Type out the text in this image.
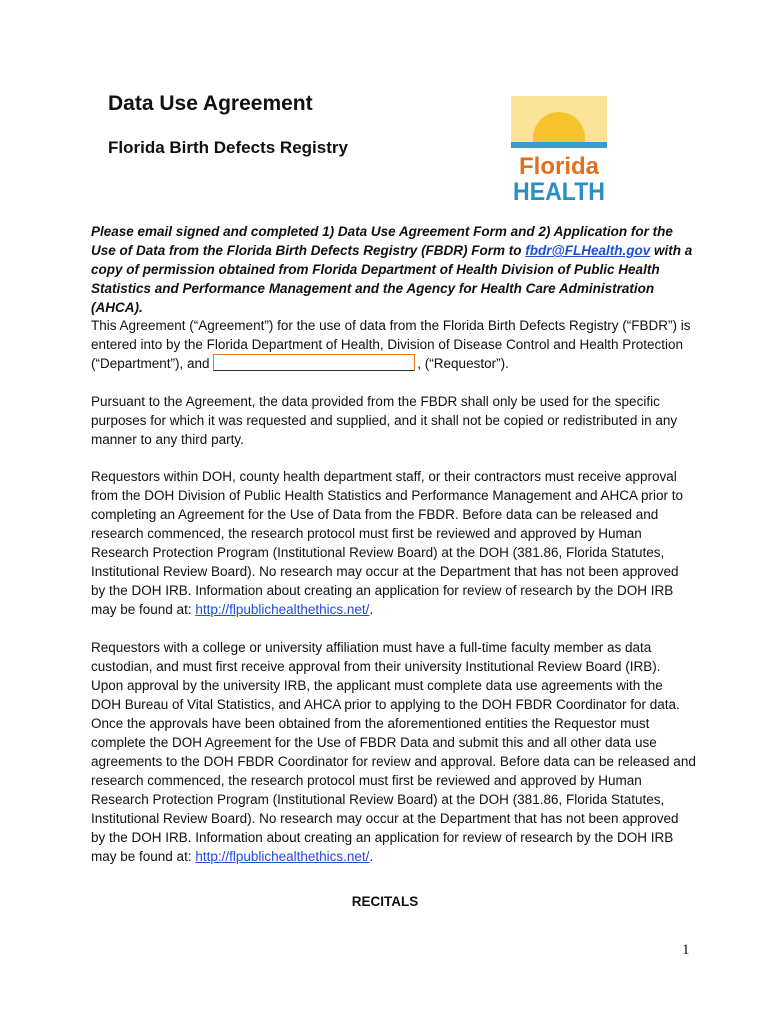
Data Use Agreement
Florida Birth Defects Registry
Florida
HEALTH

Please email signed and completed 1) Data Use Agreement Form and 2) Application for the Use of Data from the Florida Birth Defects Registry (FBDR) Form to fbdr@FLHealth.gov with a copy of permission obtained from Florida Department of Health Division of Public Health Statistics and Performance Management and the Agency for Health Care Administration (AHCA).

This Agreement (“Agreement”) for the use of data from the Florida Birth Defects Registry (“FBDR”) is entered into by the Florida Department of Health, Division of Disease Control and Health Protection (“Department”), and	, (“Requestor”).

Pursuant to the Agreement, the data provided from the FBDR shall only be used for the specific purposes for which it was requested and supplied, and it shall not be copied or redistributed in any manner to any third party.

Requestors within DOH, county health department staff, or their contractors must receive approval from the DOH Division of Public Health Statistics and Performance Management and AHCA prior to completing an Agreement for the Use of Data from the FBDR. Before data can be released and research commenced, the research protocol must first be reviewed and approved by Human Research Protection Program (Institutional Review Board) at the DOH (381.86, Florida Statutes, Institutional Review Board). No research may occur at the Department that has not been approved by the DOH IRB. Information about creating an application for review of research by the DOH IRB may be found at: http://flpublichealthethics.net/.

Requestors with a college or university affiliation must have a full-time faculty member as data custodian, and must first receive approval from their university Institutional Review Board (IRB). Upon approval by the university IRB, the applicant must complete data use agreements with the DOH Bureau of Vital Statistics, and AHCA prior to applying to the DOH FBDR Coordinator for data. Once the approvals have been obtained from the aforementioned entities the Requestor must complete the DOH Agreement for the Use of FBDR Data and submit this and all other data use agreements to the DOH FBDR Coordinator for review and approval. Before data can be released and research commenced, the research protocol must first be reviewed and approved by Human Research Protection Program (Institutional Review Board) at the DOH (381.86, Florida Statutes, Institutional Review Board). No research may occur at the Department that has not been approved by the DOH IRB. Information about creating an application for review of research by the DOH IRB may be found at: http://flpublichealthethics.net/.

RECITALS

1
